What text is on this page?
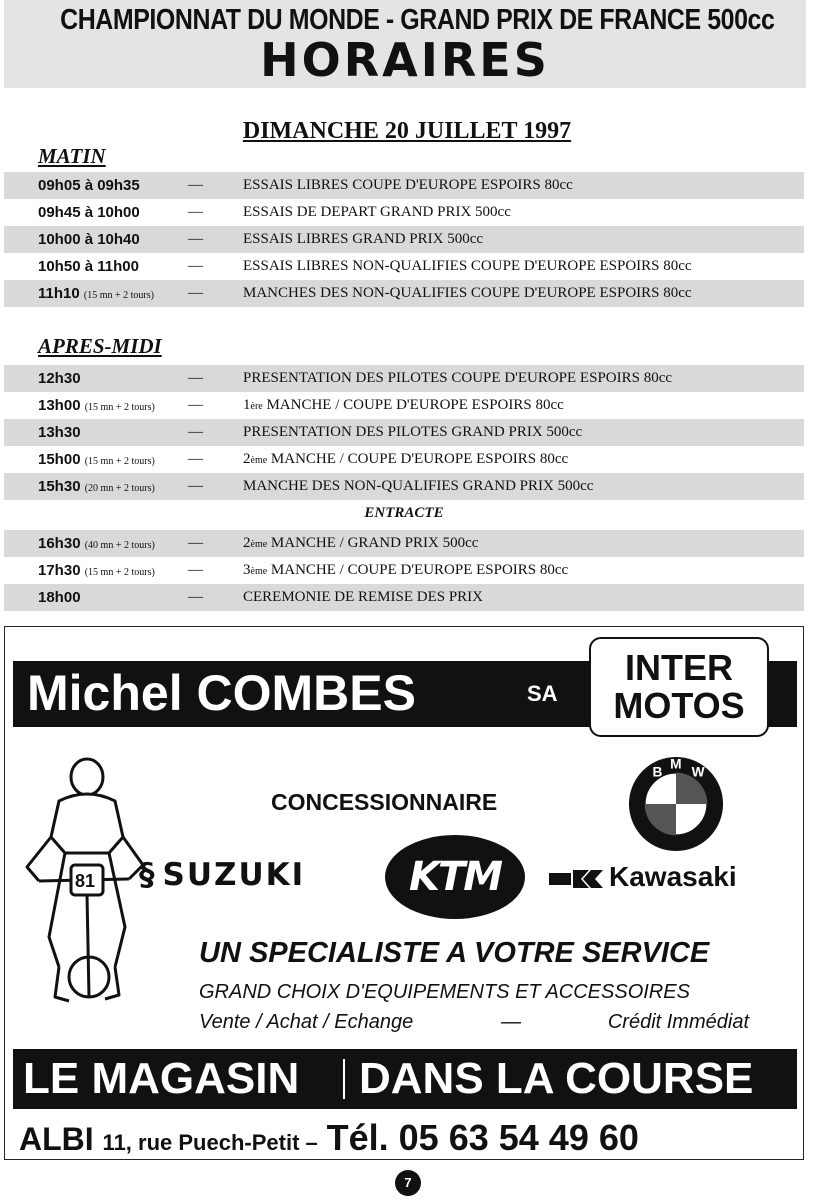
CHAMPIONNAT DU MONDE - GRAND PRIX DE FRANCE 500cc
HORAIRES
DIMANCHE 20 JUILLET 1997
MATIN
09h05 à 09h35	—	ESSAIS LIBRES COUPE D'EUROPE ESPOIRS 80cc
09h45 à 10h00	—	ESSAIS DE DEPART GRAND PRIX 500cc
10h00 à 10h40	—	ESSAIS LIBRES GRAND PRIX 500cc
10h50 à 11h00	—	ESSAIS LIBRES NON-QUALIFIES COUPE D'EUROPE ESPOIRS 80cc
11h10 (15 mn + 2 tours) —	MANCHES DES NON-QUALIFIES COUPE D'EUROPE ESPOIRS 80cc
APRES-MIDI
12h30	—	PRESENTATION DES PILOTES COUPE D'EUROPE ESPOIRS 80cc
13h00 (15 mn + 2 tours) —	1ère MANCHE / COUPE D'EUROPE ESPOIRS 80cc
13h30	—	PRESENTATION DES PILOTES GRAND PRIX 500cc
15h00 (15 mn + 2 tours) —	2ème MANCHE / COUPE D'EUROPE ESPOIRS 80cc
15h30 (20 mn + 2 tours) —	MANCHE DES NON-QUALIFIES GRAND PRIX 500cc
ENTRACTE
16h30 (40 mn + 2 tours) —	2ème MANCHE / GRAND PRIX 500cc
17h30 (15 mn + 2 tours) —	3ème MANCHE / COUPE D'EUROPE ESPOIRS 80cc
18h00	—	CEREMONIE DE REMISE DES PRIX
Michel COMBES	SA
INTER
MOTOS
CONCESSIONNAIRE
B
M
W
81 § SUZUKI	KTM	Kawasaki
UN SPECIALISTE A VOTRE SERVICE
GRAND CHOIX D'EQUIPEMENTS ET ACCESSOIRES
Vente / Achat / Echange	—	Crédit Immédiat
LE MAGASIN DANS LA COURSE
ALBI 11, rue Puech-Petit – Tél. 05 63 54 49 60
7
